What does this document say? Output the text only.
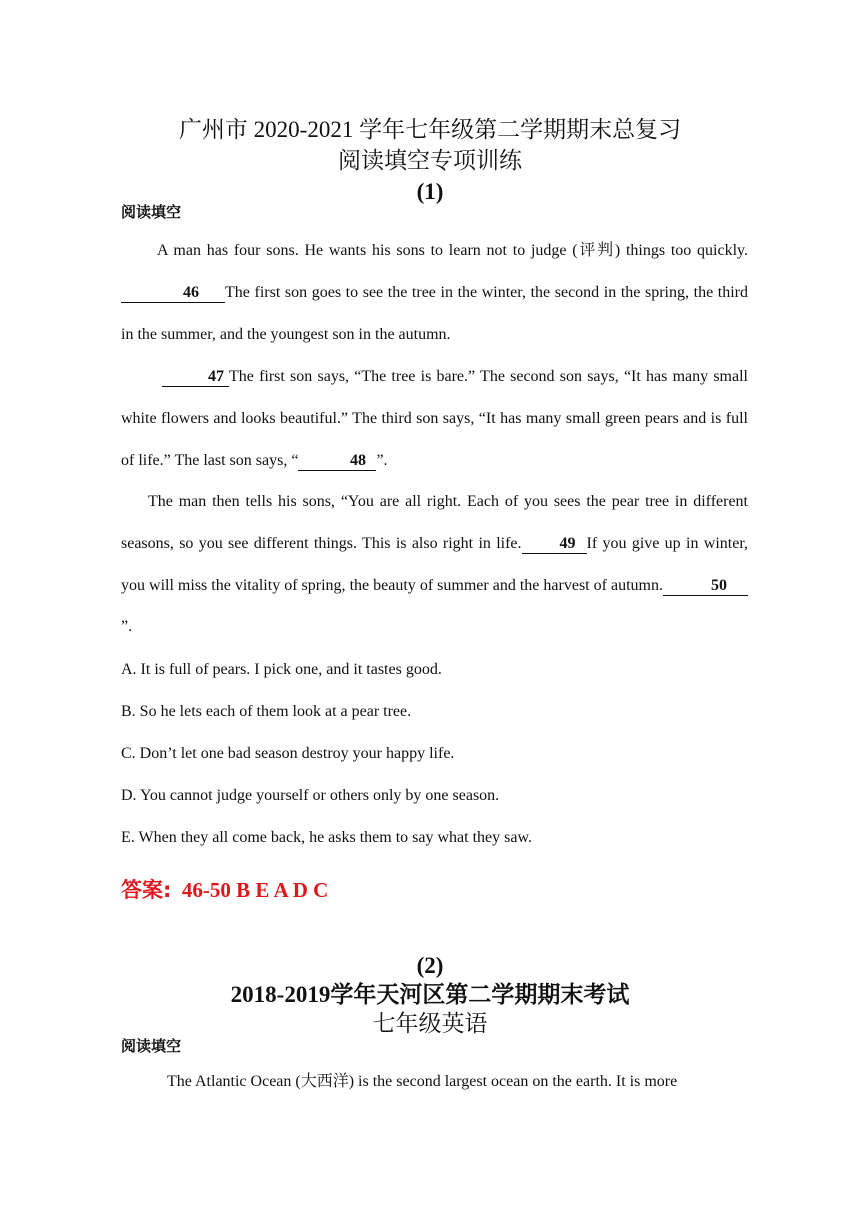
广州市 2020-2021 学年七年级第二学期期末总复习
阅读填空专项训练
(1)
阅读填空
A man has four sons. He wants his sons to learn not to judge (评判) things too quickly.46 The first son goes to see the tree in the winter, the second in the spring, the third in the summer, and the youngest son in the autumn.
47 The first son says, “The tree is bare.” The second son says, “It has many small white flowers and looks beautiful.” The third son says, “It has many small green pears and is full of life.” The last son says, “	48 ”.
The man then tells his sons, “You are all right. Each of you sees the pear tree in different seasons, so you see different things. This is also right in life. 49 If you give up in winter, you will miss the vitality of spring, the beauty of summer and the harvest of autumn.	50”.
A. It is full of pears. I pick one, and it tastes good.
B. So he lets each of them look at a pear tree.
C. Don’t let one bad season destroy your happy life.
D. You cannot judge yourself or others only by one season.
E. When they all come back, he asks them to say what they saw.
答案: 46-50 B E A D C
(2)
2018-2019学年天河区第二学期期末考试
七年级英语
阅读填空
The Atlantic Ocean (大西洋) is the second largest ocean on the earth. It is more
